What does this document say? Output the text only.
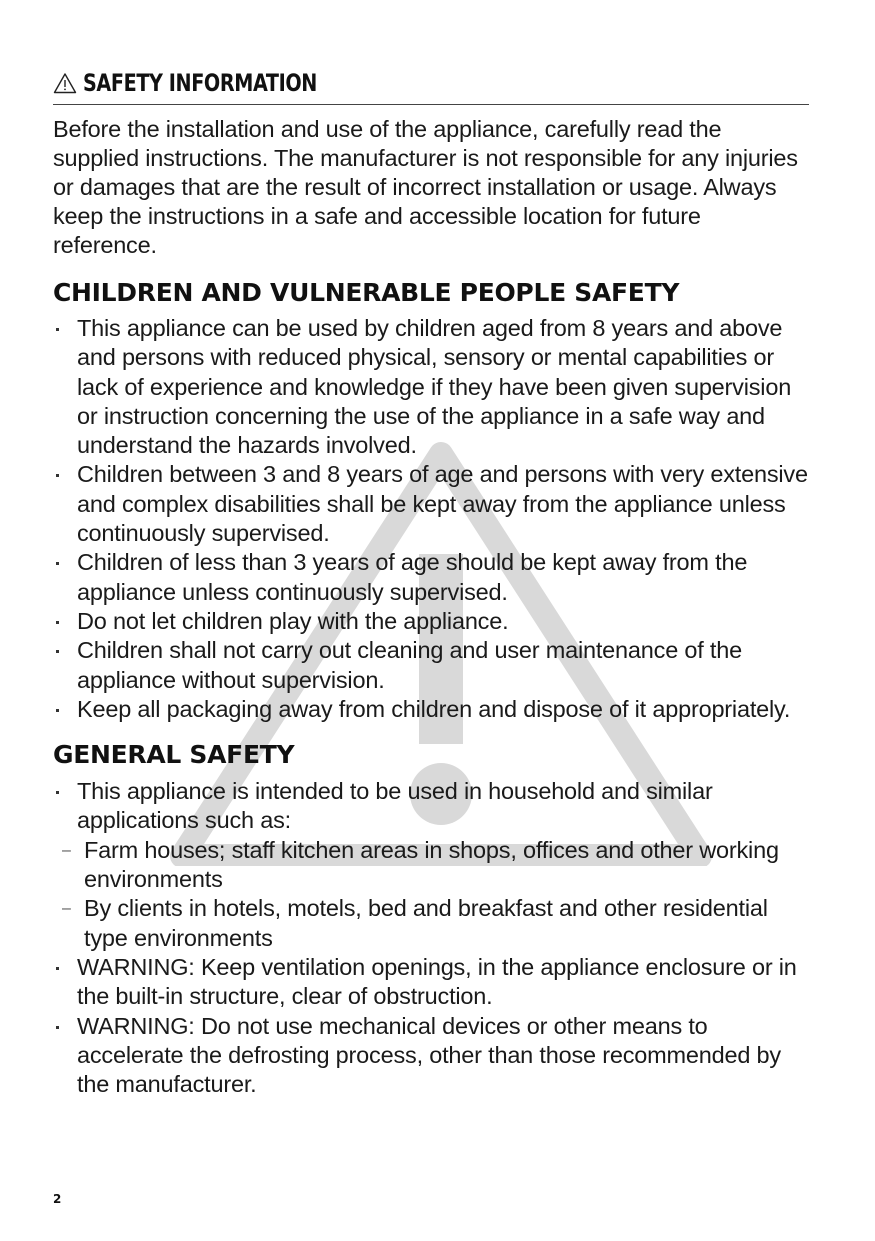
SAFETY INFORMATION

Before the installation and use of the appliance, carefully read the supplied instructions. The manufacturer is not responsible for any injuries or damages that are the result of incorrect installation or usage. Always keep the instructions in a safe and accessible location for future reference.

CHILDREN AND VULNERABLE PEOPLE SAFETY
This appliance can be used by children aged from 8 years and above and persons with reduced physical, sensory or mental capabilities or lack of experience and knowledge if they have been given supervision or instruction concerning the use of the appliance in a safe way and understand the hazards involved.
Children between 3 and 8 years of age and persons with very extensive and complex disabilities shall be kept away from the appliance unless continuously supervised.
Children of less than 3 years of age should be kept away from the appliance unless continuously supervised.
Do not let children play with the appliance.
Children shall not carry out cleaning and user maintenance of the appliance without supervision.
Keep all packaging away from children and dispose of it appropriately.
GENERAL SAFETY
This appliance is intended to be used in household and similar applications such as:
– Farm houses; staff kitchen areas in shops, offices and other working environments
– By clients in hotels, motels, bed and breakfast and other residential type environments
WARNING: Keep ventilation openings, in the appliance enclosure or in the built-in structure, clear of obstruction.
WARNING: Do not use mechanical devices or other means to accelerate the defrosting process, other than those recommended by the manufacturer.
2
